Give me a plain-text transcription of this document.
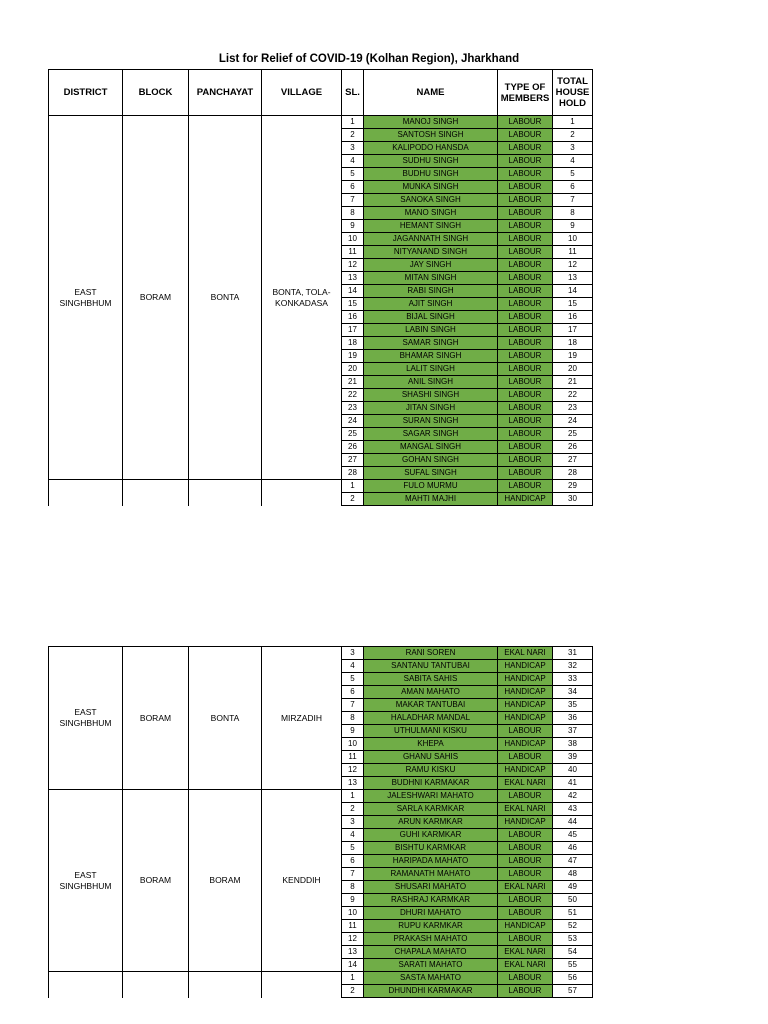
List for Relief of COVID-19 (Kolhan Region), Jharkhand
DISTRICT	BLOCK	PANCHAYAT	VILLAGE	SL.	NAME	TYPE OF MEMBERS	TOTAL HOUSE HOLD
EAST SINGHBHUM	BORAM	BONTA	BONTA, TOLA-KONKADASA	1	MANOJ SINGH	LABOUR	1
				2	SANTOSH SINGH	LABOUR	2
				3	KALIPODO HANSDA	LABOUR	3
				4	SUDHU SINGH	LABOUR	4
				5	BUDHU SINGH	LABOUR	5
				6	MUNKA SINGH	LABOUR	6
				7	SANOKA SINGH	LABOUR	7
				8	MANO SINGH	LABOUR	8
				9	HEMANT SINGH	LABOUR	9
				10	JAGANNATH SINGH	LABOUR	10
				11	NITYANAND SINGH	LABOUR	11
				12	JAY SINGH	LABOUR	12
				13	MITAN SINGH	LABOUR	13
				14	RABI SINGH	LABOUR	14
				15	AJIT SINGH	LABOUR	15
				16	BIJAL SINGH	LABOUR	16
				17	LABIN SINGH	LABOUR	17
				18	SAMAR SINGH	LABOUR	18
				19	BHAMAR SINGH	LABOUR	19
				20	LALIT SINGH	LABOUR	20
				21	ANIL SINGH	LABOUR	21
				22	SHASHI SINGH	LABOUR	22
				23	JITAN SINGH	LABOUR	23
				24	SURAN SINGH	LABOUR	24
				25	SAGAR SINGH	LABOUR	25
				26	MANGAL SINGH	LABOUR	26
				27	GOHAN SINGH	LABOUR	27
				28	SUFAL SINGH	LABOUR	28
				1	FULO MURMU	LABOUR	29
				2	MAHTI MAJHI	HANDICAP	30
EAST SINGHBHUM	BORAM	BONTA	MIRZADIH	3	RANI SOREN	EKAL NARI	31
				4	SANTANU TANTUBAI	HANDICAP	32
				5	SABITA SAHIS	HANDICAP	33
				6	AMAN MAHATO	HANDICAP	34
				7	MAKAR TANTUBAI	HANDICAP	35
				8	HALADHAR MANDAL	HANDICAP	36
				9	UTHULMANI KISKU	LABOUR	37
				10	KHEPA	HANDICAP	38
				11	GHANU SAHIS	LABOUR	39
				12	RAMU KISKU	HANDICAP	40
				13	BUDHNI KARMAKAR	EKAL NARI	41
EAST SINGHBHUM	BORAM	BORAM	KENDDIH	1	JALESHWARI MAHATO	LABOUR	42
				2	SARLA KARMKAR	EKAL NARI	43
				3	ARUN KARMKAR	HANDICAP	44
				4	GUHI KARMKAR	LABOUR	45
				5	BISHTU KARMKAR	LABOUR	46
				6	HARIPADA MAHATO	LABOUR	47
				7	RAMANATH MAHATO	LABOUR	48
				8	SHUSARI MAHATO	EKAL NARI	49
				9	RASHRAJ KARMKAR	LABOUR	50
				10	DHURI MAHATO	LABOUR	51
				11	RUPU KARMKAR	HANDICAP	52
				12	PRAKASH MAHATO	LABOUR	53
				13	CHAPALA MAHATO	EKAL NARI	54
				14	SARATI MAHATO	EKAL NARI	55
				1	SASTA MAHATO	LABOUR	56
				2	DHUNDHI KARMAKAR	LABOUR	57
